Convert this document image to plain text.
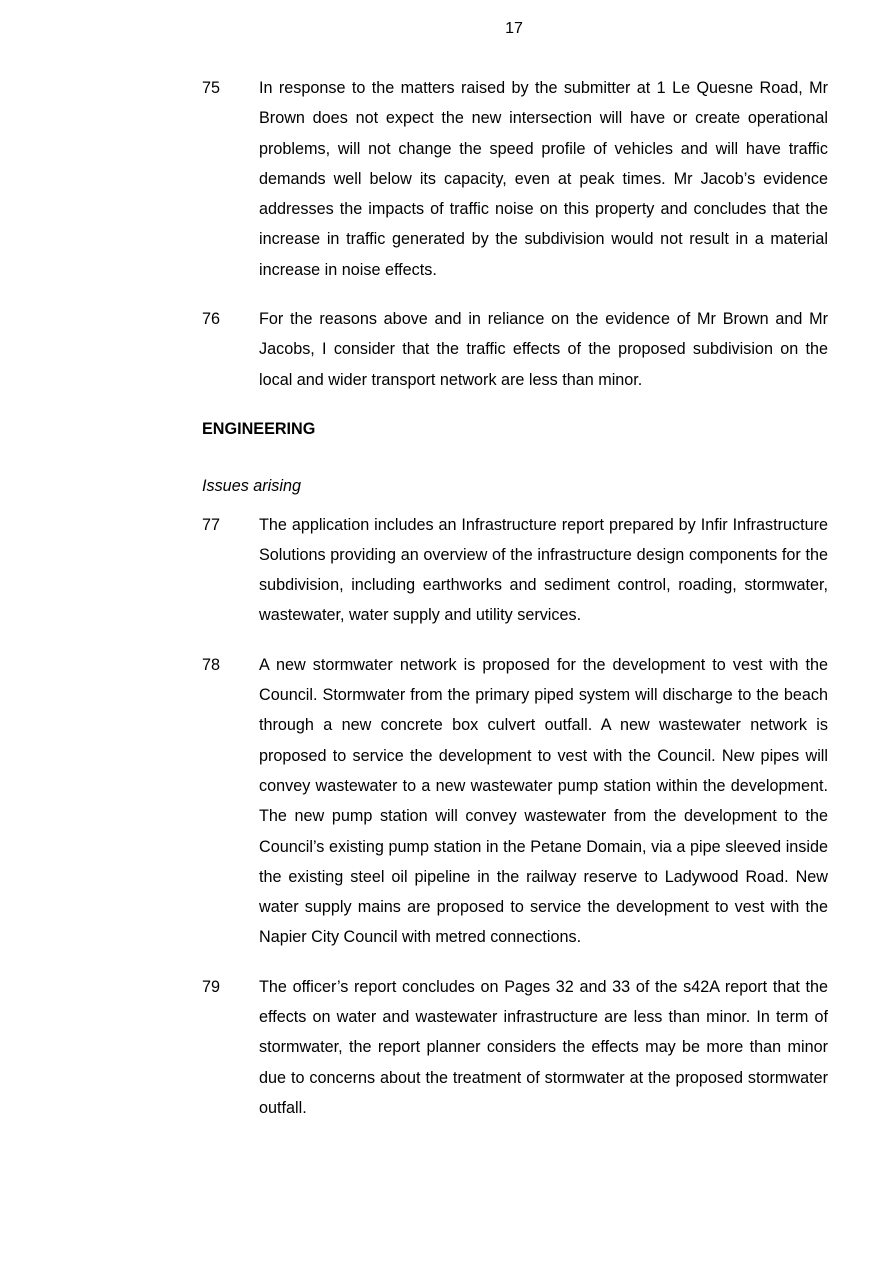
17
75	In response to the matters raised by the submitter at 1 Le Quesne Road, Mr Brown does not expect the new intersection will have or create operational problems, will not change the speed profile of vehicles and will have traffic demands well below its capacity, even at peak times. Mr Jacob’s evidence addresses the impacts of traffic noise on this property and concludes that the increase in traffic generated by the subdivision would not result in a material increase in noise effects.
76	For the reasons above and in reliance on the evidence of Mr Brown and Mr Jacobs, I consider that the traffic effects of the proposed subdivision on the local and wider transport network are less than minor.
ENGINEERING
Issues arising
77	The application includes an Infrastructure report prepared by Infir Infrastructure Solutions providing an overview of the infrastructure design components for the subdivision, including earthworks and sediment control, roading, stormwater, wastewater, water supply and utility services.
78	A new stormwater network is proposed for the development to vest with the Council. Stormwater from the primary piped system will discharge to the beach through a new concrete box culvert outfall. A new wastewater network is proposed to service the development to vest with the Council. New pipes will convey wastewater to a new wastewater pump station within the development. The new pump station will convey wastewater from the development to the Council’s existing pump station in the Petane Domain, via a pipe sleeved inside the existing steel oil pipeline in the railway reserve to Ladywood Road. New water supply mains are proposed to service the development to vest with the Napier City Council with metred connections.
79	The officer’s report concludes on Pages 32 and 33 of the s42A report that the effects on water and wastewater infrastructure are less than minor. In term of stormwater, the report planner considers the effects may be more than minor due to concerns about the treatment of stormwater at the proposed stormwater outfall.
